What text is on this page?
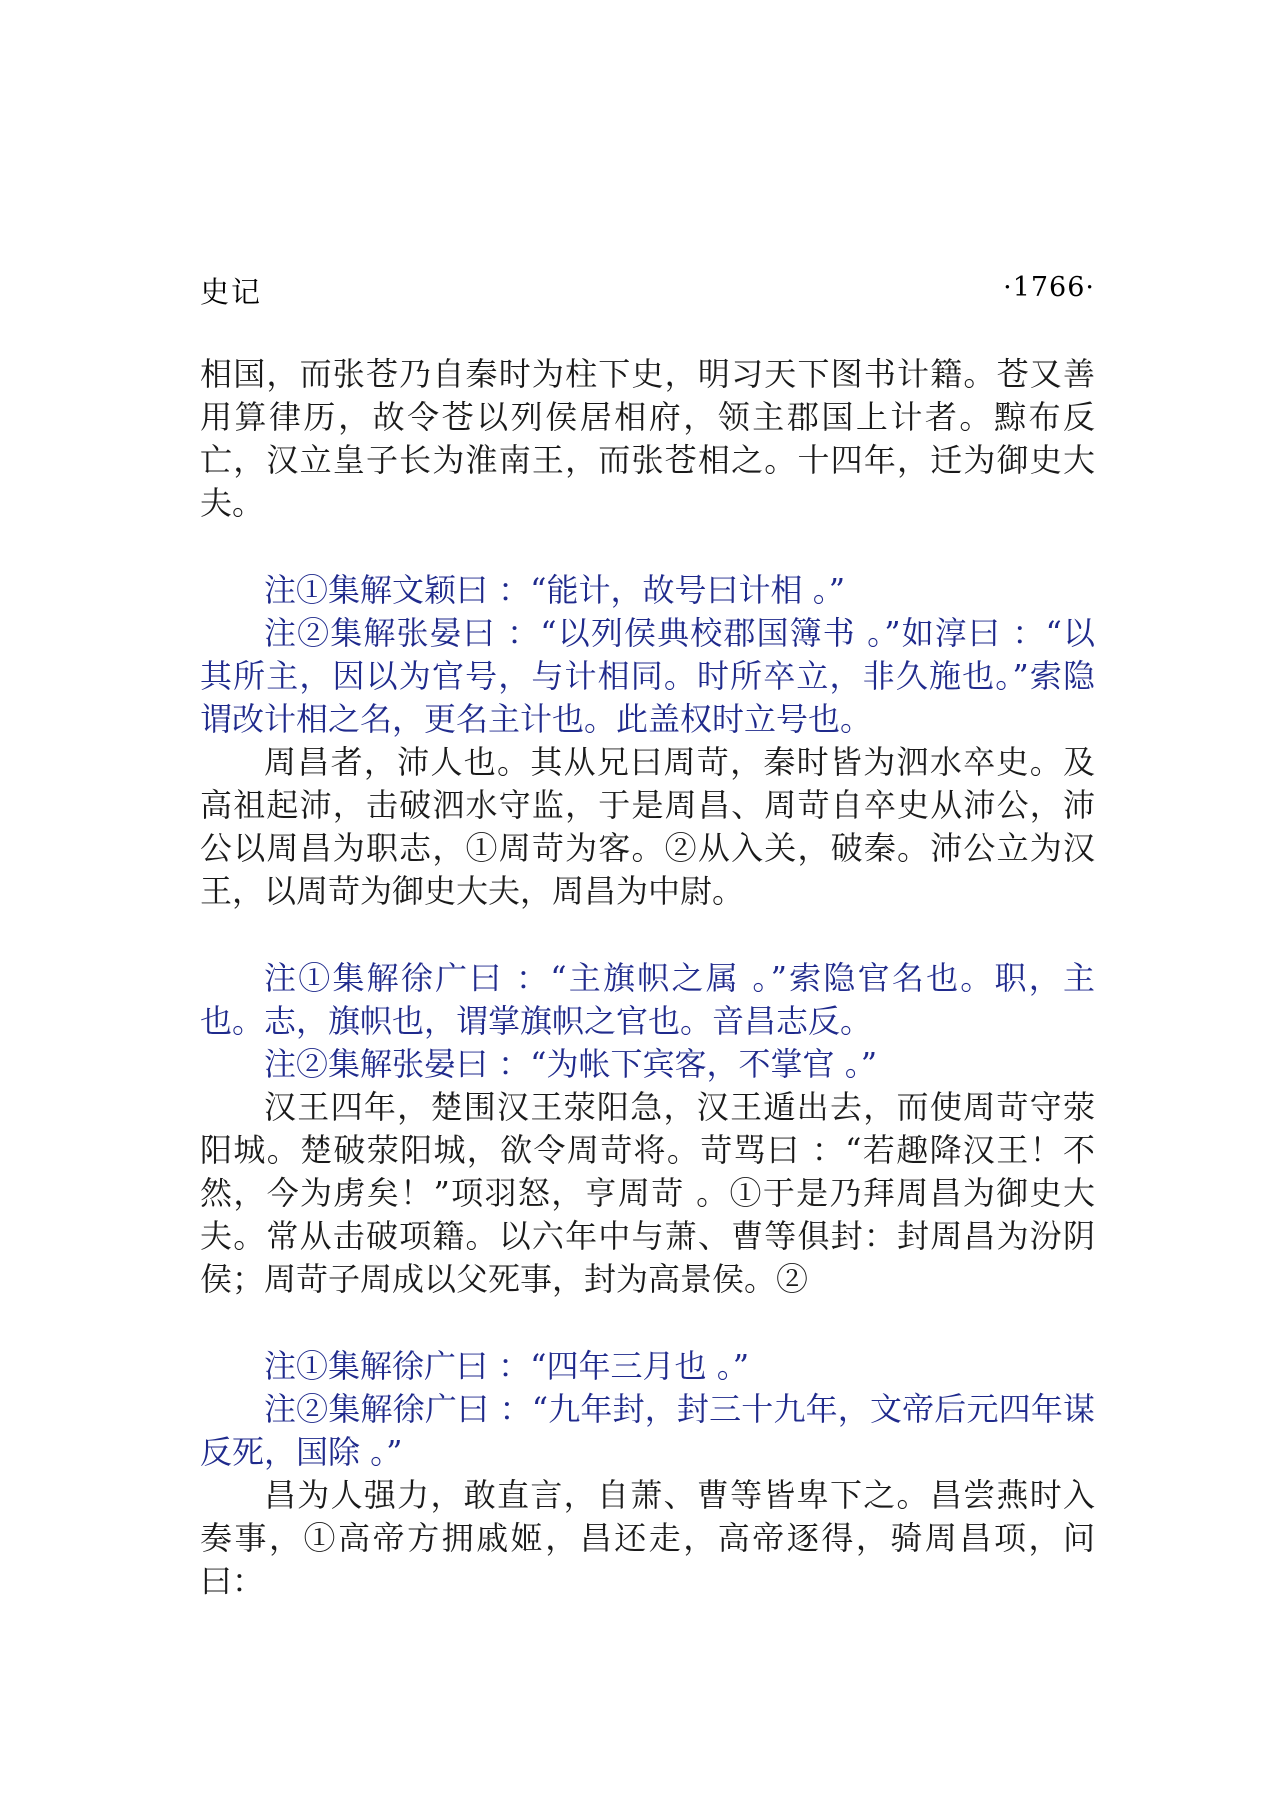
史记	·1766·

相国，而张苍乃自秦时为柱下史，明习天下图书计籍。苍又善用算律历，故令苍以列侯居相府，领主郡国上计者。黥布反亡，汉立皇子长为淮南王，而张苍相之。十四年，迁为御史大夫。

注①集解文颖曰 ：“能计，故号曰计相 。”

注②集解张晏曰 ：“以列侯典校郡国簿书 。”如淳曰 ：“以其所主，因以为官号，与计相同。时所卒立，非久施也。”索隐谓改计相之名，更名主计也。此盖权时立号也。

周昌者，沛人也。其从兄曰周苛，秦时皆为泗水卒史。及高祖起沛，击破泗水守监，于是周昌、周苛自卒史从沛公，沛公以周昌为职志，①周苛为客。②从入关，破秦。沛公立为汉王，以周苛为御史大夫，周昌为中尉。

注①集解徐广曰 ：“主旗帜之属 。”索隐官名也。职，主也。志，旗帜也，谓掌旗帜之官也。音昌志反。

注②集解张晏曰 ：“为帐下宾客，不掌官 。”

汉王四年，楚围汉王荥阳急，汉王遁出去，而使周苛守荥阳城。楚破荥阳城，欲令周苛将。苛骂曰 ：“若趣降汉王！不然，今为虏矣！”项羽怒，亨周苛 。①于是乃拜周昌为御史大夫。常从击破项籍。以六年中与萧、曹等俱封：封周昌为汾阴侯；周苛子周成以父死事，封为高景侯。②

注①集解徐广曰 ：“四年三月也 。”

注②集解徐广曰 ：“九年封，封三十九年，文帝后元四年谋反死，国除 。”

昌为人强力，敢直言，自萧、曹等皆卑下之。昌尝燕时入奏事，①高帝方拥戚姬，昌还走，高帝逐得，骑周昌项，问曰：
